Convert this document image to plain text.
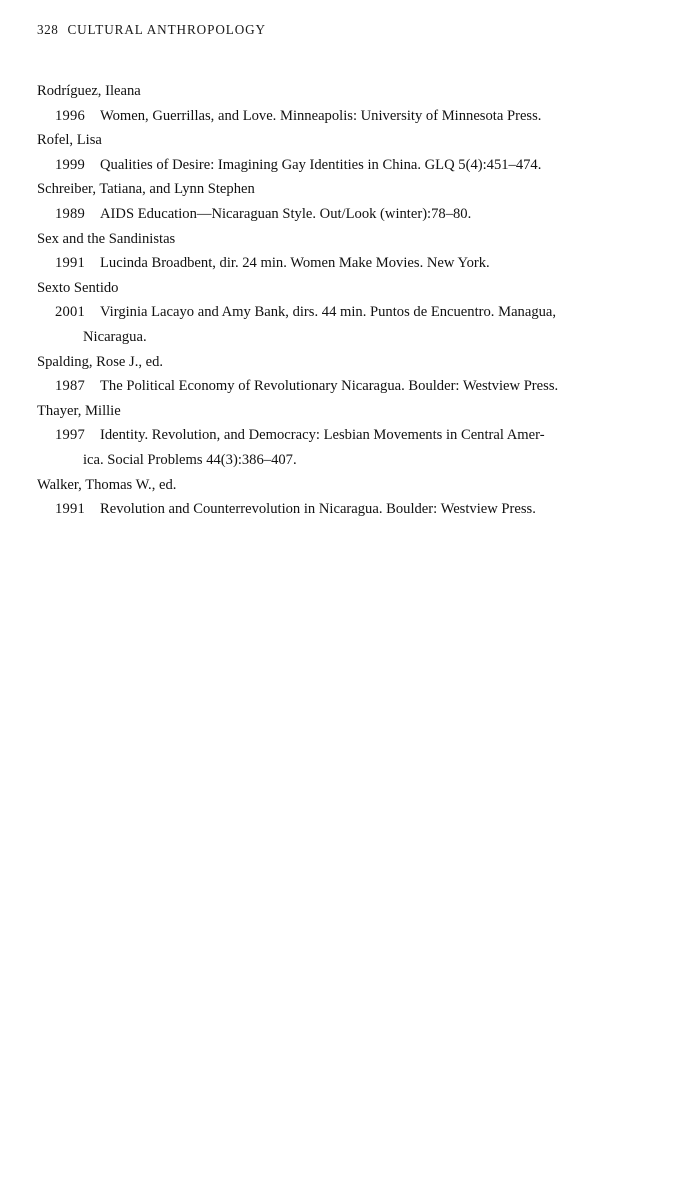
328 CULTURAL ANTHROPOLOGY
Rodríguez, Ileana
1996	Women, Guerrillas, and Love. Minneapolis: University of Minnesota Press.
Rofel, Lisa
1999	Qualities of Desire: Imagining Gay Identities in China. GLQ 5(4):451–474.
Schreiber, Tatiana, and Lynn Stephen
1989	AIDS Education—Nicaraguan Style. Out/Look (winter):78–80.
Sex and the Sandinistas
1991	Lucinda Broadbent, dir. 24 min. Women Make Movies. New York.
Sexto Sentido
2001	Virginia Lacayo and Amy Bank, dirs. 44 min. Puntos de Encuentro. Managua,
Nicaragua.
Spalding, Rose J., ed.
1987	The Political Economy of Revolutionary Nicaragua. Boulder: Westview Press.
Thayer, Millie
1997	Identity. Revolution, and Democracy: Lesbian Movements in Central Amer-
ica. Social Problems 44(3):386–407.
Walker, Thomas W., ed.
1991	Revolution and Counterrevolution in Nicaragua. Boulder: Westview Press.
